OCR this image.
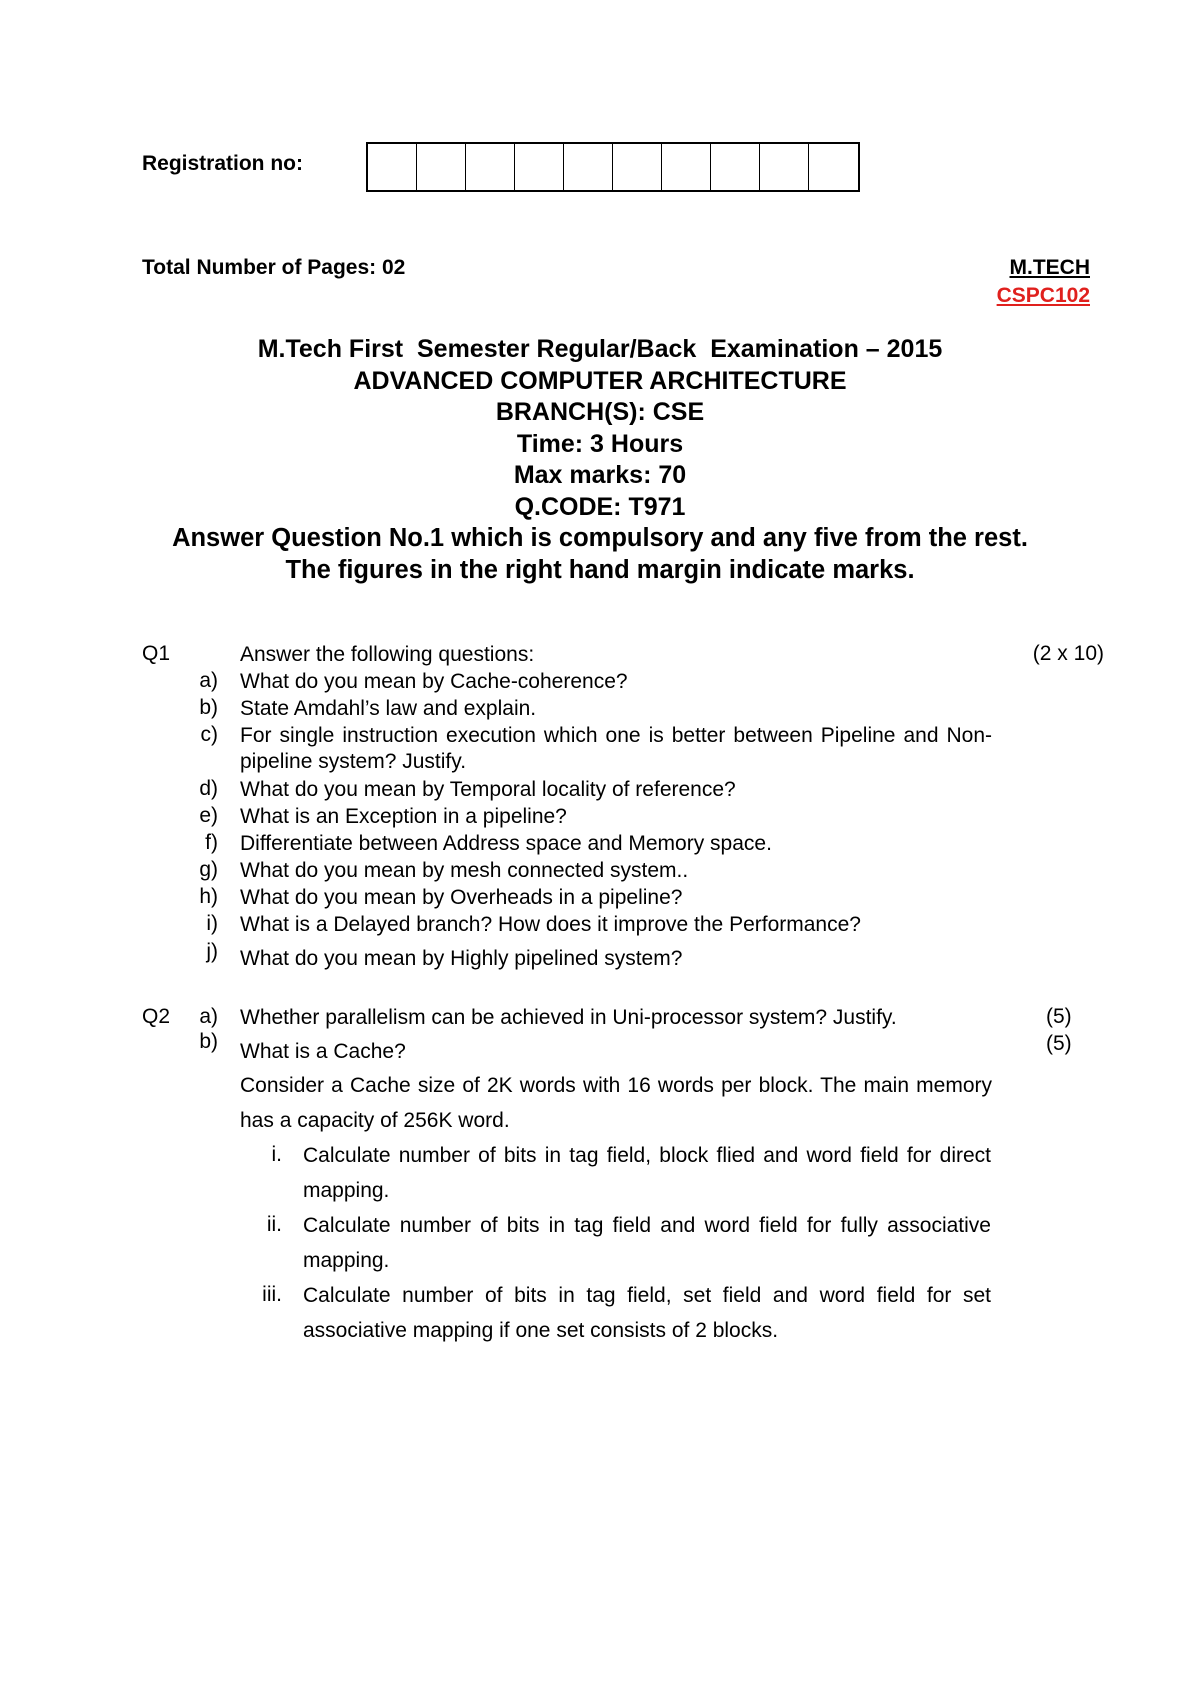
Registration no:
Total Number of Pages: 02	M.TECH
CSPC102
M.Tech First  Semester Regular/Back  Examination – 2015
ADVANCED COMPUTER ARCHITECTURE
BRANCH(S): CSE
Time: 3 Hours
Max marks: 70
Q.CODE: T971
Answer Question No.1 which is compulsory and any five from the rest.
The figures in the right hand margin indicate marks.
Q1	Answer the following questions:	(2 x 10)
a) What do you mean by Cache-coherence?
b) State Amdahl’s law and explain.
c) For single instruction execution which one is better between Pipeline and Non-pipeline system? Justify.
d) What do you mean by Temporal locality of reference?
e) What is an Exception in a pipeline?
f) Differentiate between Address space and Memory space.
g) What do you mean by mesh connected system..
h) What do you mean by Overheads in a pipeline?
i) What is a Delayed branch? How does it improve the Performance?
j) What do you mean by Highly pipelined system?
Q2	a) Whether parallelism can be achieved in Uni-processor system? Justify.	(5)
b) What is a Cache?	(5)
Consider a Cache size of 2K words with 16 words per block. The main memory has a capacity of 256K word.
i. Calculate number of bits in tag field, block flied and word field for direct mapping.
ii. Calculate number of bits in tag field and word field for fully associative mapping.
iii. Calculate number of bits in tag field, set field and word field for set associative mapping if one set consists of 2 blocks.
